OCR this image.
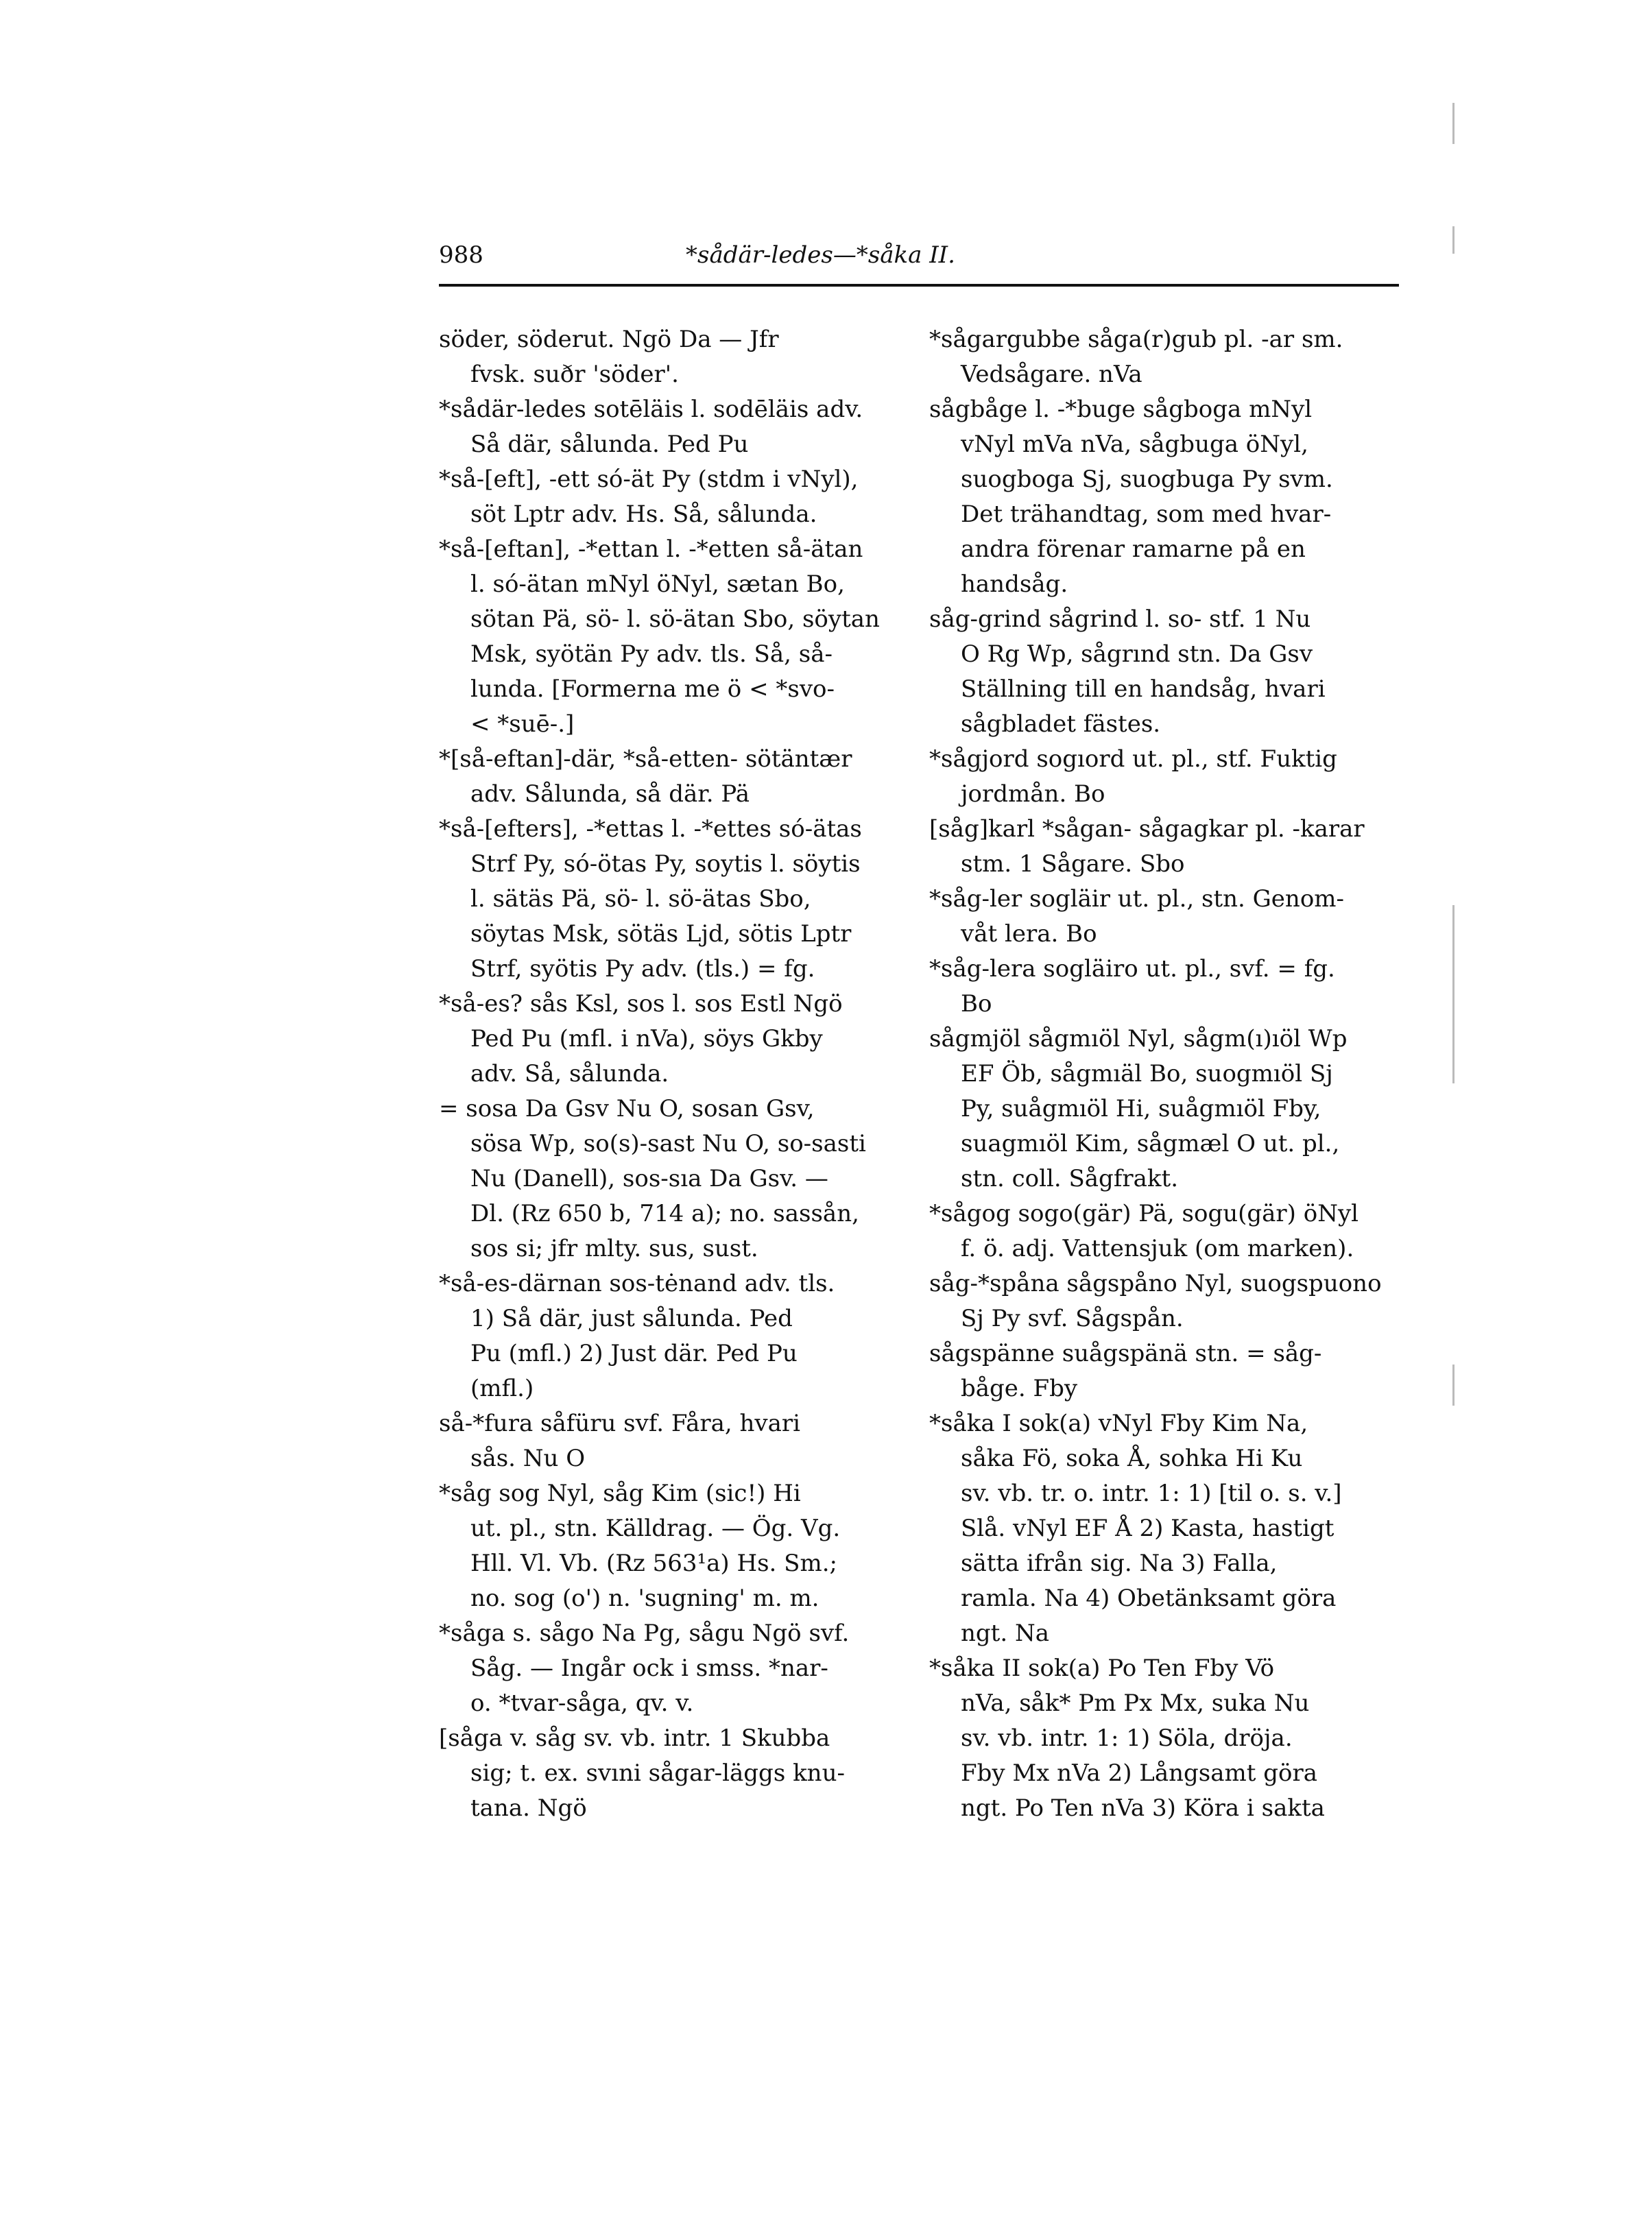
988	*sådär-ledes—*såka II.
söder, söderut. Ngö Da — Jfr
fvsk. suðr 'söder'.
*sådär-ledes sotēläis l. sodēläis adv.
Så där, sålunda. Ped Pu
*så-[eft], -ett só-ät Py (stdm i vNyl),
söt Lptr adv. Hs. Så, sålunda.
*så-[eftan], -*ettan l. -*etten så-ätan
l. só-ätan mNyl öNyl, sætan Bo,
sötan Pä, sö- l. sö-ätan Sbo, söytan
Msk, syötän Py adv. tls. Så, så-
lunda. [Formerna me ö < *svo-
< *suē-.]
*[så-eftan]-där, *så-etten- sötäntær
adv. Sålunda, så där. Pä
*så-[efters], -*ettas l. -*ettes só-ätas
Strf Py, só-ötas Py, soytis l. söytis
l. sätäs Pä, sö- l. sö-ätas Sbo,
söytas Msk, sötäs Ljd, sötis Lptr
Strf, syötis Py adv. (tls.) = fg.
*så-es? sås Ksl, sos l. sos Estl Ngö
Ped Pu (mfl. i nVa), söys Gkby
adv. Så, sålunda.
= sosa Da Gsv Nu O, sosan Gsv,
sösa Wp, so(s)-sast Nu O, so-sasti
Nu (Danell), sos-sıa Da Gsv. —
Dl. (Rz 650 b, 714 a); no. sassån,
sos si; jfr mlty. sus, sust.
*så-es-därnan sos-tėnand adv. tls.
1) Så där, just sålunda. Ped
Pu (mfl.) 2) Just där. Ped Pu
(mfl.)
så-*fura såfüru svf. Fåra, hvari
sås. Nu O
*såg sog Nyl, såg Kim (sic!) Hi
ut. pl., stn. Källdrag. — Ög. Vg.
Hll. Vl. Vb. (Rz 563¹a) Hs. Sm.;
no. sog (o') n. 'sugning' m. m.
*såga s. sågo Na Pg, sågu Ngö svf.
Såg. — Ingår ock i smss. *nar-
o. *tvar-såga, qv. v.
[såga v. såg sv. vb. intr. 1 Skubba
sig; t. ex. svıni sågar-läggs knu-
tana. Ngö
*sågargubbe såga(r)gub pl. -ar sm.
Vedsågare. nVa
sågbåge l. -*buge sågboga mNyl
vNyl mVa nVa, sågbuga öNyl,
suogboga Sj, suogbuga Py svm.
Det trähandtag, som med hvar-
andra förenar ramarne på en
handsåg.
såg-grind sågrind l. so- stf. 1 Nu
O Rg Wp, sågrınd stn. Da Gsv
Ställning till en handsåg, hvari
sågbladet fästes.
*sågjord sogıord ut. pl., stf. Fuktig
jordmån. Bo
[såg]karl *sågan- sågagkar pl. -karar
stm. 1 Sågare. Sbo
*såg-ler sogläir ut. pl., stn. Genom-
våt lera. Bo
*såg-lera sogläiro ut. pl., svf. = fg.
Bo
sågmjöl sågmıöl Nyl, sågm(ı)ıöl Wp
EF Öb, sågmıäl Bo, suogmıöl Sj
Py, suågmıöl Hi, suågmıöl Fby,
suagmıöl Kim, sågmæl O ut. pl.,
stn. coll. Sågfrakt.
*sågog sogo(gär) Pä, sogu(gär) öNyl
f. ö. adj. Vattensjuk (om marken).
såg-*spåna sågspåno Nyl, suogspuono
Sj Py svf. Sågspån.
sågspänne suågspänä stn. = såg-
båge. Fby
*såka I sok(a) vNyl Fby Kim Na,
såka Fö, soka Å, sohka Hi Ku
sv. vb. tr. o. intr. 1: 1) [til o. s. v.]
Slå. vNyl EF Å 2) Kasta, hastigt
sätta ifrån sig. Na 3) Falla,
ramla. Na 4) Obetänksamt göra
ngt. Na
*såka II sok(a) Po Ten Fby Vö
nVa, såk* Pm Px Mx, suka Nu
sv. vb. intr. 1: 1) Söla, dröja.
Fby Mx nVa 2) Långsamt göra
ngt. Po Ten nVa 3) Köra i sakta
